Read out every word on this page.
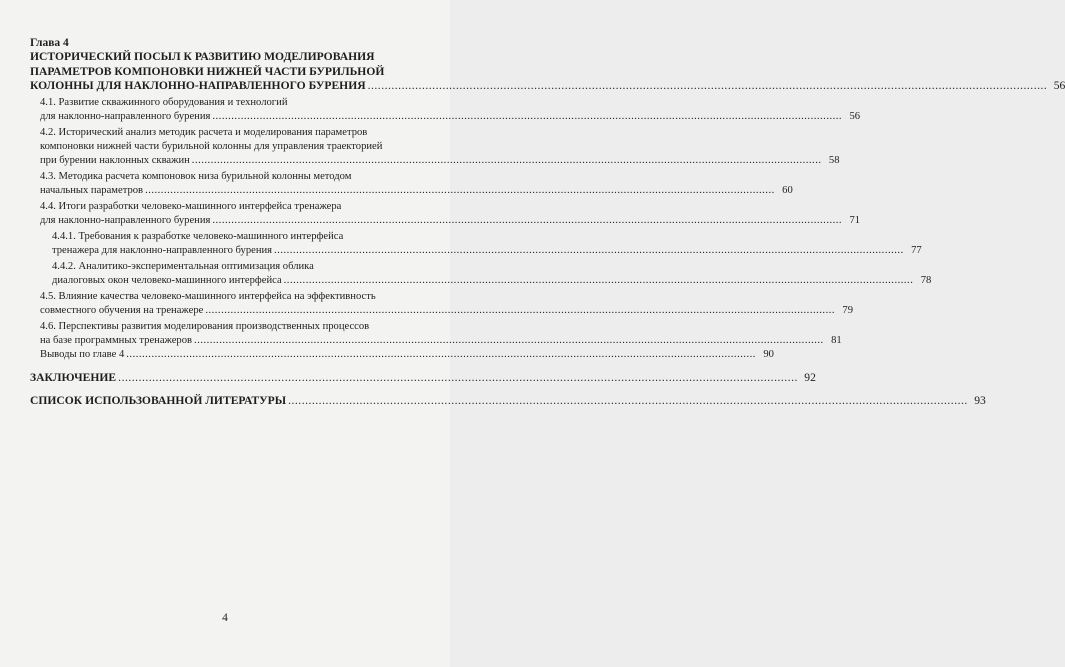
Глава 4
ИСТОРИЧЕСКИЙ ПОСЫЛ К РАЗВИТИЮ МОДЕЛИРОВАНИЯ
ПАРАМЕТРОВ КОМПОНОВКИ НИЖНЕЙ ЧАСТИ БУРИЛЬНОЙ
КОЛОННЫ ДЛЯ НАКЛОННО-НАПРАВЛЕННОГО БУРЕНИЯ ........................................................................................................................................................................................................ 56
4.1. Развитие скважинного оборудования и технологий
для наклонно-направленного бурения ........................................................................................................................................................................................................ 56
4.2. Исторический анализ методик расчета и моделирования параметров
компоновки нижней части бурильной колонны для управления траекторией
при бурении наклонных скважин ........................................................................................................................................................................................................ 58
4.3. Методика расчета компоновок низа бурильной колонны методом
начальных параметров ........................................................................................................................................................................................................ 60
4.4. Итоги разработки человеко-машинного интерфейса тренажера
для наклонно-направленного бурения ........................................................................................................................................................................................................ 71
4.4.1. Требования к разработке человеко-машинного интерфейса
тренажера для наклонно-направленного бурения ........................................................................................................................................................................................................ 77
4.4.2. Аналитико-экспериментальная оптимизация облика
диалоговых окон человеко-машинного интерфейса ........................................................................................................................................................................................................ 78
4.5. Влияние качества человеко-машинного интерфейса на эффективность
совместного обучения на тренажере ........................................................................................................................................................................................................ 79
4.6. Перспективы развития моделирования производственных процессов
на базе программных тренажеров ........................................................................................................................................................................................................ 81
Выводы по главе 4 ........................................................................................................................................................................................................ 90
ЗАКЛЮЧЕНИЕ ........................................................................................................................................................................................................ 92
СПИСОК ИСПОЛЬЗОВАННОЙ ЛИТЕРАТУРЫ ........................................................................................................................................................................................................ 93
4
